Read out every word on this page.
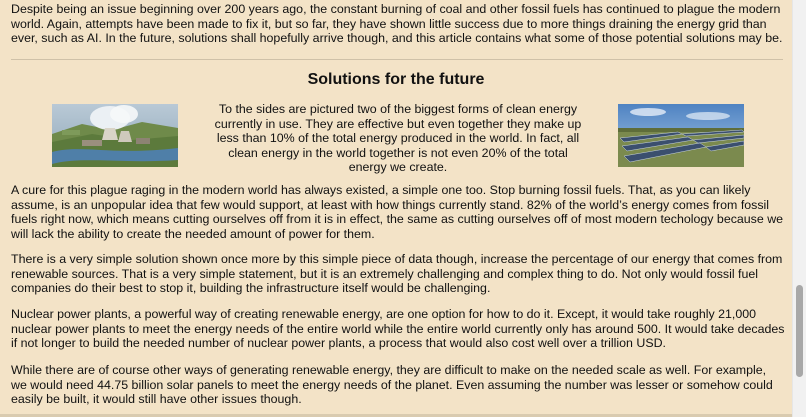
Despite being an issue beginning over 200 years ago, the constant burning of coal and other fossil fuels has continued to plague the modern world. Again, attempts have been made to fix it, but so far, they have shown little success due to more things draining the energy grid than ever, such as AI. In the future, solutions shall hopefully arrive though, and this article contains what some of those potential solutions may be.

Solutions for the future

To the sides are pictured two of the biggest forms of clean energy currently in use. They are effective but even together they make up less than 10% of the total energy produced in the world. In fact, all clean energy in the world together is not even 20% of the total energy we create.

A cure for this plague raging in the modern world has always existed, a simple one too. Stop burning fossil fuels. That, as you can likely assume, is an unpopular idea that few would support, at least with how things currently stand. 82% of the world’s energy comes from fossil fuels right now, which means cutting ourselves off from it is in effect, the same as cutting ourselves off of most modern techology because we will lack the ability to create the needed amount of power for them.

There is a very simple solution shown once more by this simple piece of data though, increase the percentage of our energy that comes from renewable sources. That is a very simple statement, but it is an extremely challenging and complex thing to do. Not only would fossil fuel companies do their best to stop it, building the infrastructure itself would be challenging.

Nuclear power plants, a powerful way of creating renewable energy, are one option for how to do it. Except, it would take roughly 21,000 nuclear power plants to meet the energy needs of the entire world while the entire world currently only has around 500. It would take decades if not longer to build the needed number of nuclear power plants, a process that would also cost well over a trillion USD.

While there are of course other ways of generating renewable energy, they are difficult to make on the needed scale as well. For example, we would need 44.75 billion solar panels to meet the energy needs of the planet. Even assuming the number was lesser or somehow could easily be built, it would still have other issues though.
